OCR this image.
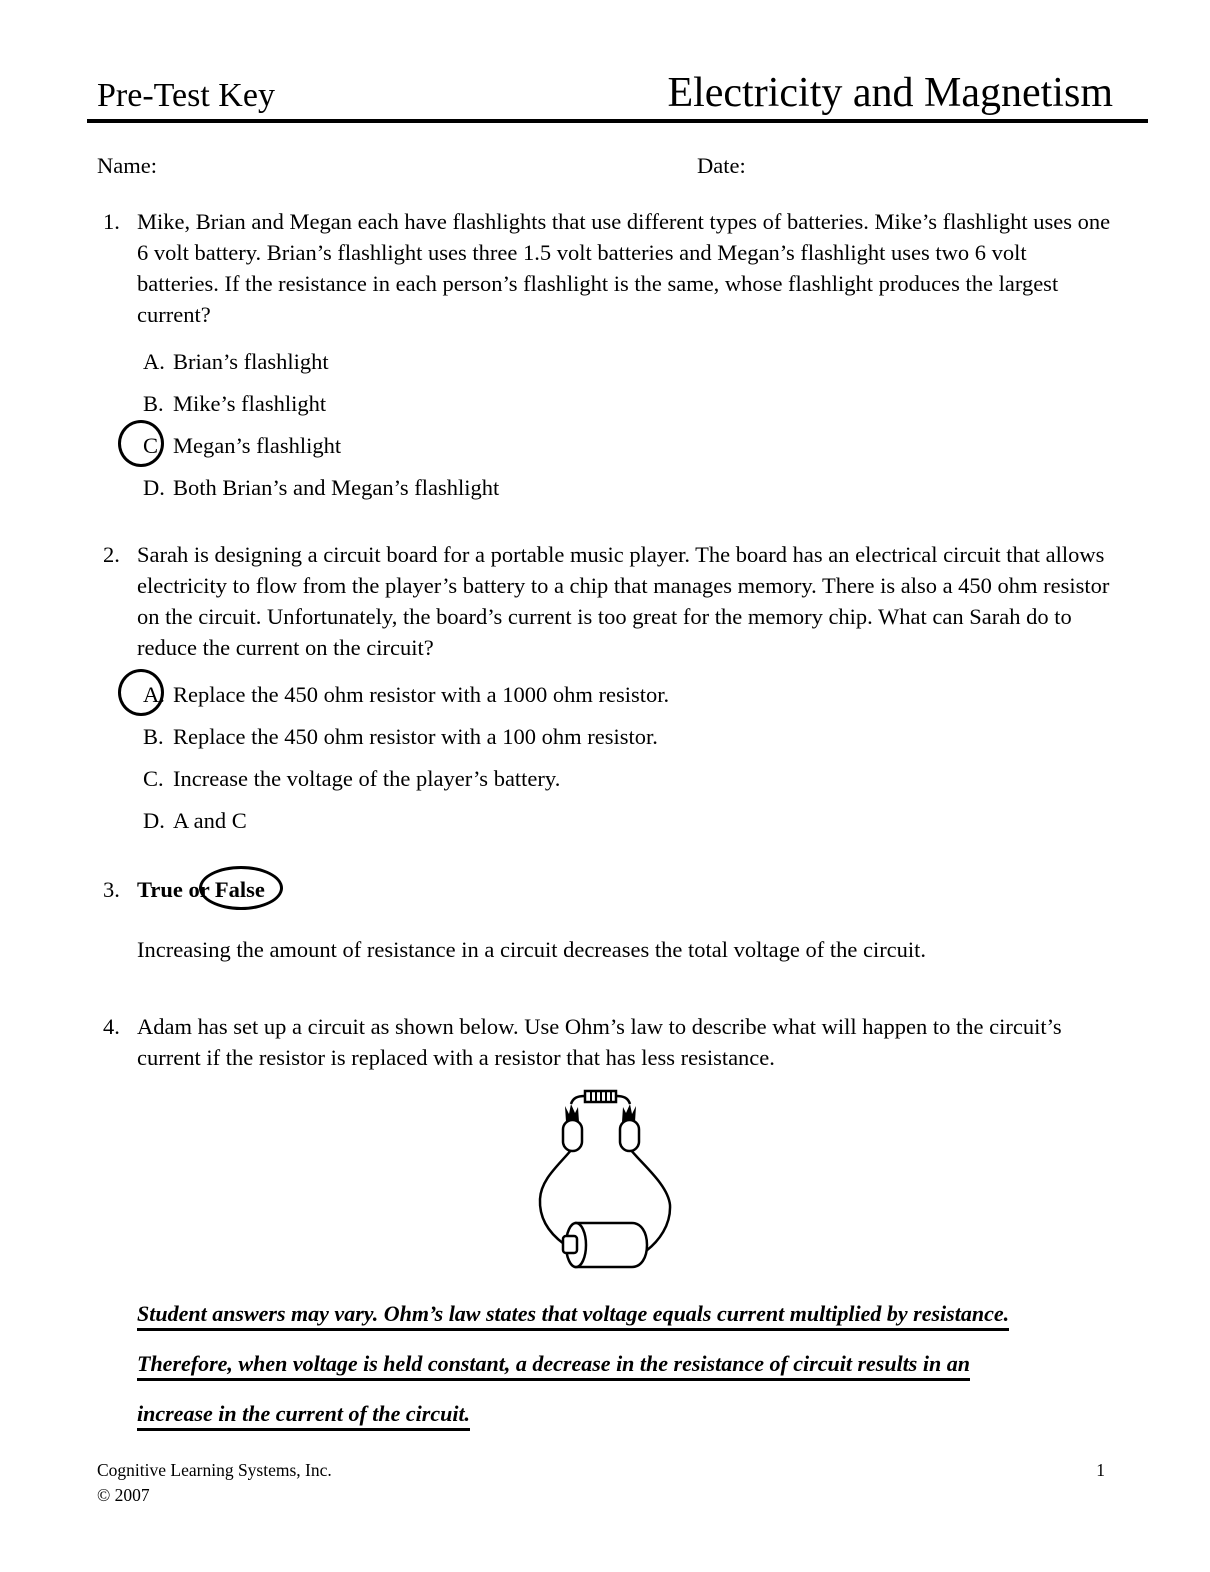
Pre-Test Key	Electricity and Magnetism
Name:	Date:
1. Mike, Brian and Megan each have flashlights that use different types of batteries. Mike’s flashlight uses one 6 volt battery. Brian’s flashlight uses three 1.5 volt batteries and Megan’s flashlight uses two 6 volt batteries. If the resistance in each person’s flashlight is the same, whose flashlight produces the largest current?
A. Brian’s flashlight
B. Mike’s flashlight
C. Megan’s flashlight
D. Both Brian’s and Megan’s flashlight
2. Sarah is designing a circuit board for a portable music player. The board has an electrical circuit that allows electricity to flow from the player’s battery to a chip that manages memory. There is also a 450 ohm resistor on the circuit. Unfortunately, the board’s current is too great for the memory chip. What can Sarah do to reduce the current on the circuit?
A. Replace the 450 ohm resistor with a 1000 ohm resistor.
B. Replace the 450 ohm resistor with a 100 ohm resistor.
C. Increase the voltage of the player’s battery.
D. A and C
3. True or False
Increasing the amount of resistance in a circuit decreases the total voltage of the circuit.
4. Adam has set up a circuit as shown below. Use Ohm’s law to describe what will happen to the circuit’s current if the resistor is replaced with a resistor that has less resistance.
Student answers may vary. Ohm’s law states that voltage equals current multiplied by resistance.
Therefore, when voltage is held constant, a decrease in the resistance of circuit results in an
increase in the current of the circuit.
Cognitive Learning Systems, Inc.
© 2007
1
